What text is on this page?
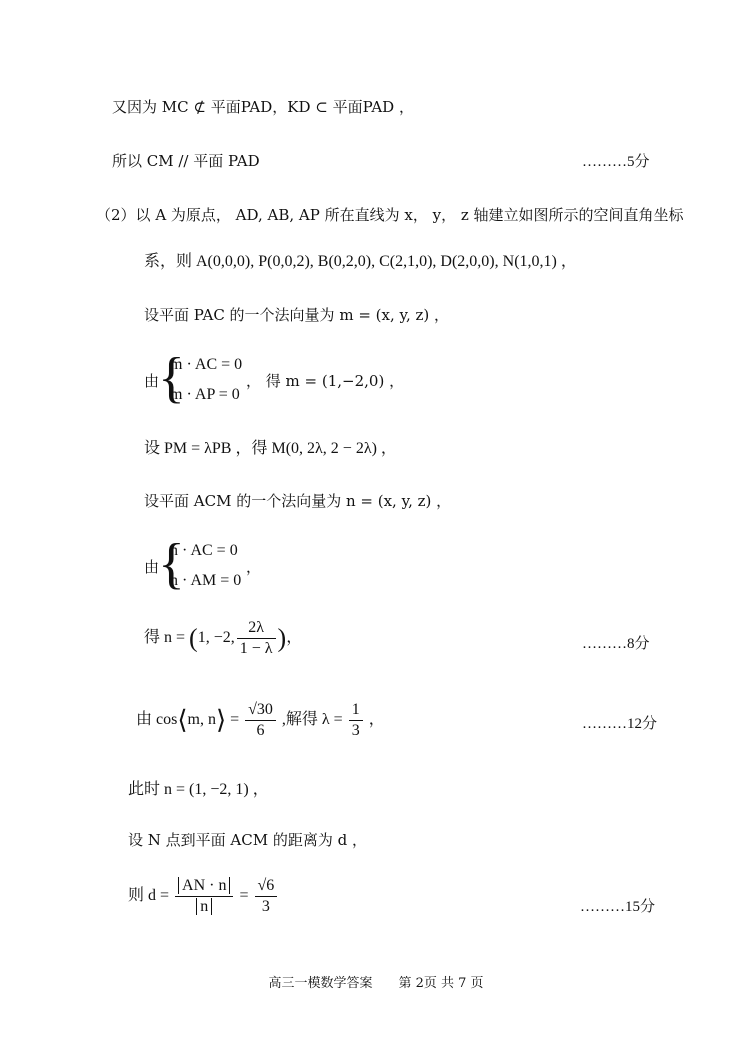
又因为 MC ⊄ 平面PAD，KD ⊂ 平面PAD ，
所以 CM // 平面 PAD	………5分
（2）以 A 为原点， AD, AB, AP 所在直线为 x， y， z 轴建立如图所示的空间直角坐标
系，则 A(0,0,0), P(0,0,2), B(0,2,0), C(2,1,0), D(2,0,0), N(1,0,1) ，
设平面 PAC 的一个法向量为 m = (x, y, z) ，
由
{
m · AC = 0
m · AP = 0
， 得 m = (1,−2,0) ，
设 PM = λPB ，得 M(0, 2λ, 2 − 2λ) ，
设平面 ACM 的一个法向量为 n = (x, y, z) ，
由
{
n · AC = 0
n · AM = 0
，
得 n = (1, −2, $\frac{2\lambda}{1 - \lambda}$ )，	………8分
由 cos⟨m, n⟩ = $\frac{√30}{6}$ ,解得 $\lambda = \frac{1}{3}$ ，	………12分
此时 n = (1, −2, 1) ，
设 N 点到平面 ACM 的距离为 d ，
则 $d = \frac{AN \cdot n}{n} = \frac{√6}{3}$	………15分
高三一模数学答案　　第 2页 共 7 页
